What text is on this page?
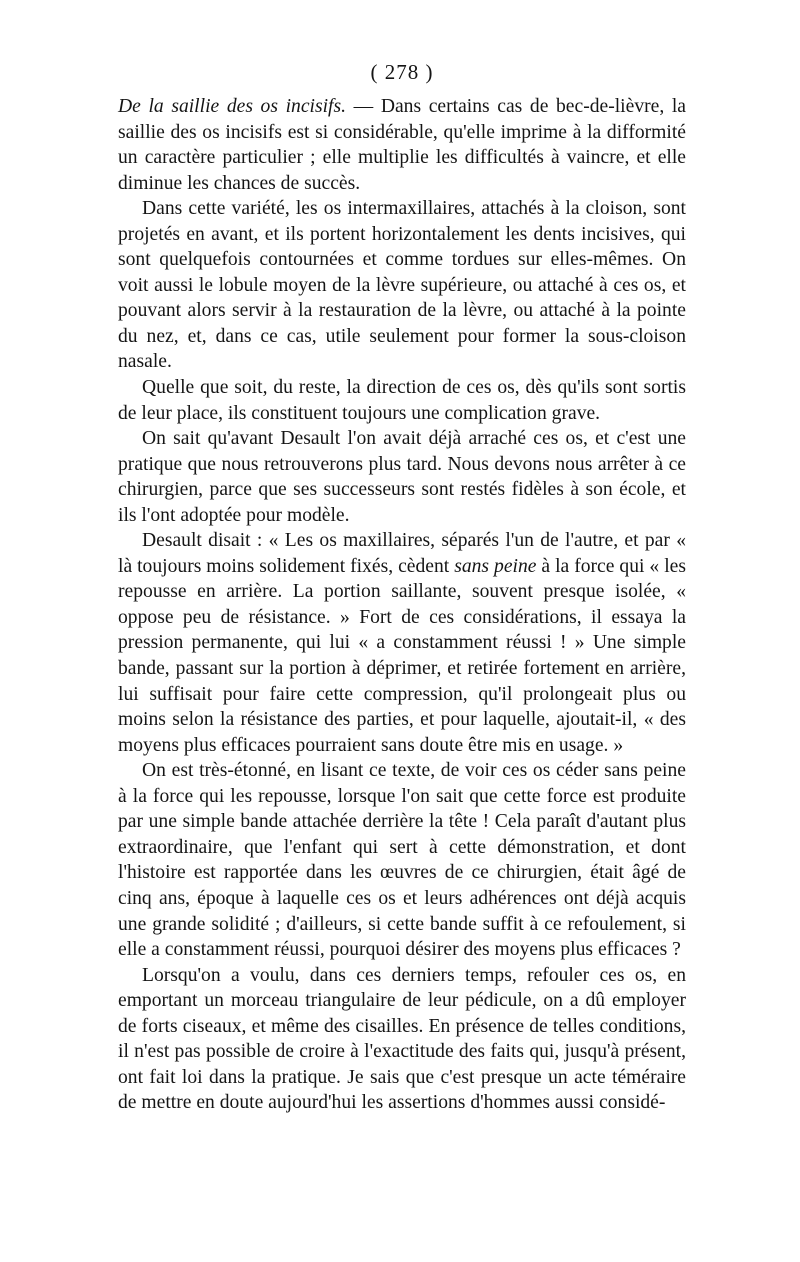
( 278 )

De la saillie des os incisifs. — Dans certains cas de bec-de-lièvre, la saillie des os incisifs est si considérable, qu'elle imprime à la difformité un caractère particulier ; elle multiplie les difficultés à vaincre, et elle diminue les chances de succès.

Dans cette variété, les os intermaxillaires, attachés à la cloison, sont projetés en avant, et ils portent horizontalement les dents incisives, qui sont quelquefois contournées et comme tordues sur elles-mêmes. On voit aussi le lobule moyen de la lèvre supérieure, ou attaché à ces os, et pouvant alors servir à la restauration de la lèvre, ou attaché à la pointe du nez, et, dans ce cas, utile seulement pour former la sous-cloison nasale.

Quelle que soit, du reste, la direction de ces os, dès qu'ils sont sortis de leur place, ils constituent toujours une complication grave.

On sait qu'avant Desault l'on avait déjà arraché ces os, et c'est une pratique que nous retrouverons plus tard. Nous devons nous arrêter à ce chirurgien, parce que ses successeurs sont restés fidèles à son école, et ils l'ont adoptée pour modèle.

Desault disait : « Les os maxillaires, séparés l'un de l'autre, et par « là toujours moins solidement fixés, cèdent sans peine à la force qui « les repousse en arrière. La portion saillante, souvent presque isolée, « oppose peu de résistance. » Fort de ces considérations, il essaya la pression permanente, qui lui « a constamment réussi ! » Une simple bande, passant sur la portion à déprimer, et retirée fortement en arrière, lui suffisait pour faire cette compression, qu'il prolongeait plus ou moins selon la résistance des parties, et pour laquelle, ajoutait-il, « des moyens plus efficaces pourraient sans doute être mis en usage. »

On est très-étonné, en lisant ce texte, de voir ces os céder sans peine à la force qui les repousse, lorsque l'on sait que cette force est produite par une simple bande attachée derrière la tête ! Cela paraît d'autant plus extraordinaire, que l'enfant qui sert à cette démonstration, et dont l'histoire est rapportée dans les œuvres de ce chirurgien, était âgé de cinq ans, époque à laquelle ces os et leurs adhérences ont déjà acquis une grande solidité ; d'ailleurs, si cette bande suffit à ce refoulement, si elle a constamment réussi, pourquoi désirer des moyens plus efficaces ?

Lorsqu'on a voulu, dans ces derniers temps, refouler ces os, en emportant un morceau triangulaire de leur pédicule, on a dû employer de forts ciseaux, et même des cisailles. En présence de telles conditions, il n'est pas possible de croire à l'exactitude des faits qui, jusqu'à présent, ont fait loi dans la pratique. Je sais que c'est presque un acte téméraire de mettre en doute aujourd'hui les assertions d'hommes aussi considé-
